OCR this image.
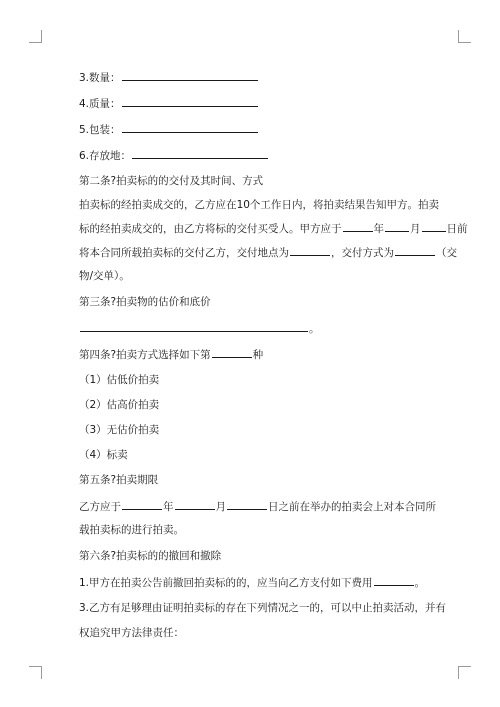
3.数量：
4.质量：
5.包装：
6.存放地：
第二条?拍卖标的的交付及其时间、方式
拍卖标的经拍卖成交的，乙方应在10个工作日内，将拍卖结果告知甲方。拍卖
标的经拍卖成交的，由乙方将标的交付买受人。甲方应于	年 月 日前
将本合同所载拍卖标的交付乙方，交付地点为	，交付方式为	（交
物/交单）。
第三条?拍卖物的估价和底价
。
第四条?拍卖方式选择如下第	种
（1）估低价拍卖
（2）估高价拍卖
（3）无估价拍卖
（4）标卖
第五条?拍卖期限
乙方应于	年	月	日之前在举办的拍卖会上对本合同所
载拍卖标的进行拍卖。
第六条?拍卖标的的撤回和撤除
1.甲方在拍卖公告前撤回拍卖标的的，应当向乙方支付如下费用	。
3.乙方有足够理由证明拍卖标的存在下列情况之一的，可以中止拍卖活动，并有
权追究甲方法律责任：
